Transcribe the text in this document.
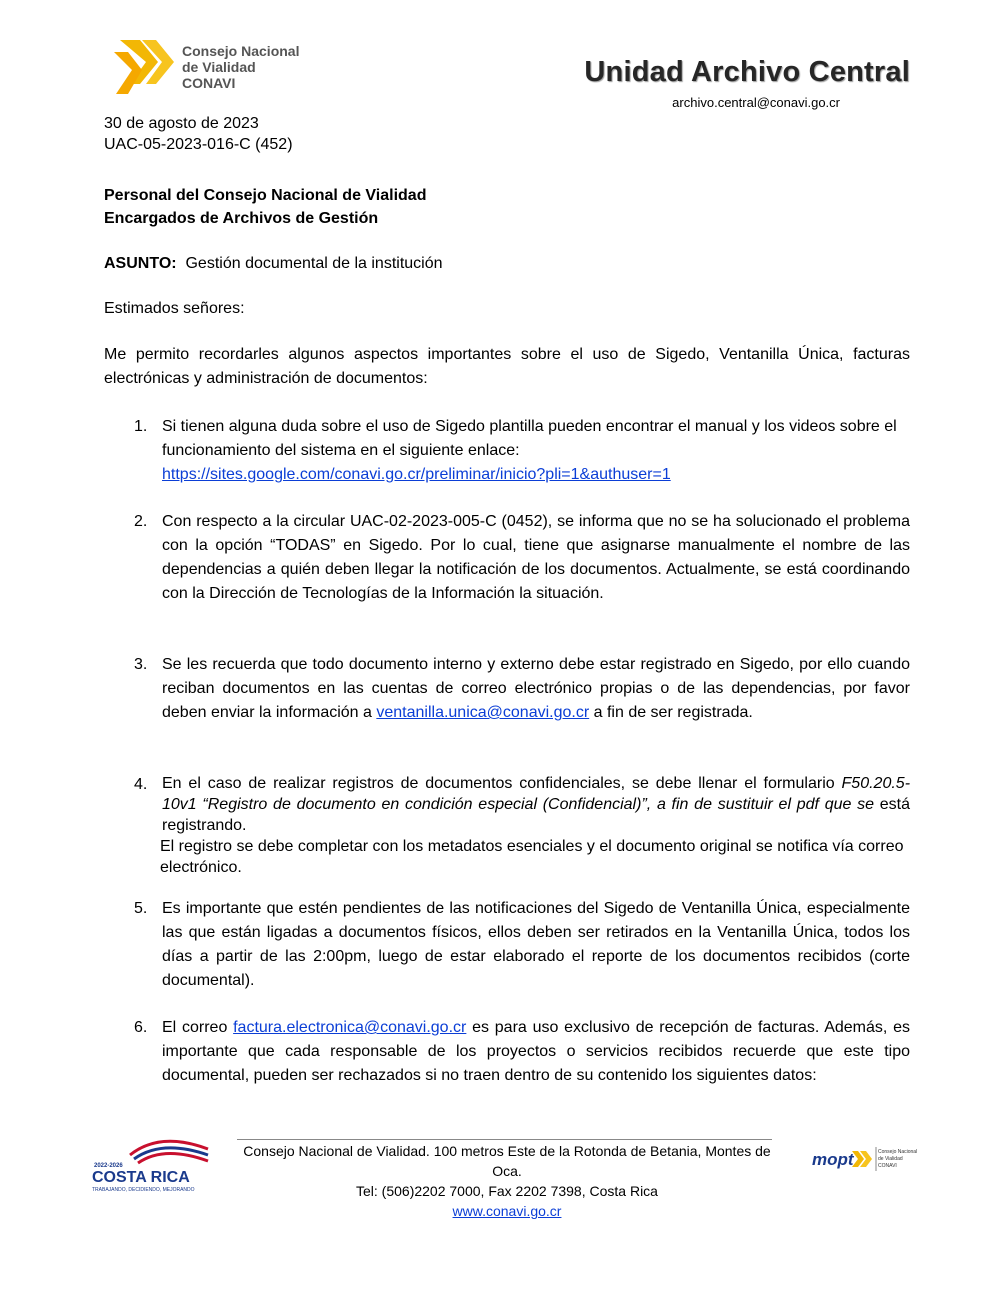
Consejo Nacional
de Vialidad
CONAVI	Unidad Archivo Central
archivo.central@conavi.go.cr
30 de agosto de 2023
UAC-05-2023-016-C (452)
Personal del Consejo Nacional de Vialidad
Encargados de Archivos de Gestión
ASUNTO: Gestión documental de la institución
Estimados señores:
Me permito recordarles algunos aspectos importantes sobre el uso de Sigedo, Ventanilla Única, facturas electrónicas y administración de documentos:
1. Si tienen alguna duda sobre el uso de Sigedo plantilla pueden encontrar el manual y los videos sobre el funcionamiento del sistema en el siguiente enlace:
https://sites.google.com/conavi.go.cr/preliminar/inicio?pli=1&authuser=1
2. Con respecto a la circular UAC-02-2023-005-C (0452), se informa que no se ha solucionado el problema con la opción “TODAS” en Sigedo. Por lo cual, tiene que asignarse manualmente el nombre de las dependencias a quién deben llegar la notificación de los documentos. Actualmente, se está coordinando con la Dirección de Tecnologías de la Información la situación.
3. Se les recuerda que todo documento interno y externo debe estar registrado en Sigedo, por ello cuando reciban documentos en las cuentas de correo electrónico propias o de las dependencias, por favor deben enviar la información a ventanilla.unica@conavi.go.cr a fin de ser registrada.
4. En el caso de realizar registros de documentos confidenciales, se debe llenar el formulario F50.20.5-10v1 “Registro de documento en condición especial (Confidencial)”, a fin de sustituir el pdf que se está registrando.
El registro se debe completar con los metadatos esenciales y el documento original se notifica vía correo electrónico.
5. Es importante que estén pendientes de las notificaciones del Sigedo de Ventanilla Única, especialmente las que están ligadas a documentos físicos, ellos deben ser retirados en la Ventanilla Única, todos los días a partir de las 2:00pm, luego de estar elaborado el reporte de los documentos recibidos (corte documental).
6. El correo factura.electronica@conavi.go.cr es para uso exclusivo de recepción de facturas. Además, es importante que cada responsable de los proyectos o servicios recibidos recuerde que este tipo documental, pueden ser rechazados si no traen dentro de su contenido los siguientes datos:
2022-2026
COSTA RICA
TRABAJANDO, DECIDIENDO, MEJORANDO
Consejo Nacional de Vialidad. 100 metros Este de la Rotonda de Betania, Montes de Oca.
Tel: (506)2202 7000, Fax 2202 7398, Costa Rica
www.conavi.go.cr
mopt	Consejo Nacional
de Vialidad
CONAVI
